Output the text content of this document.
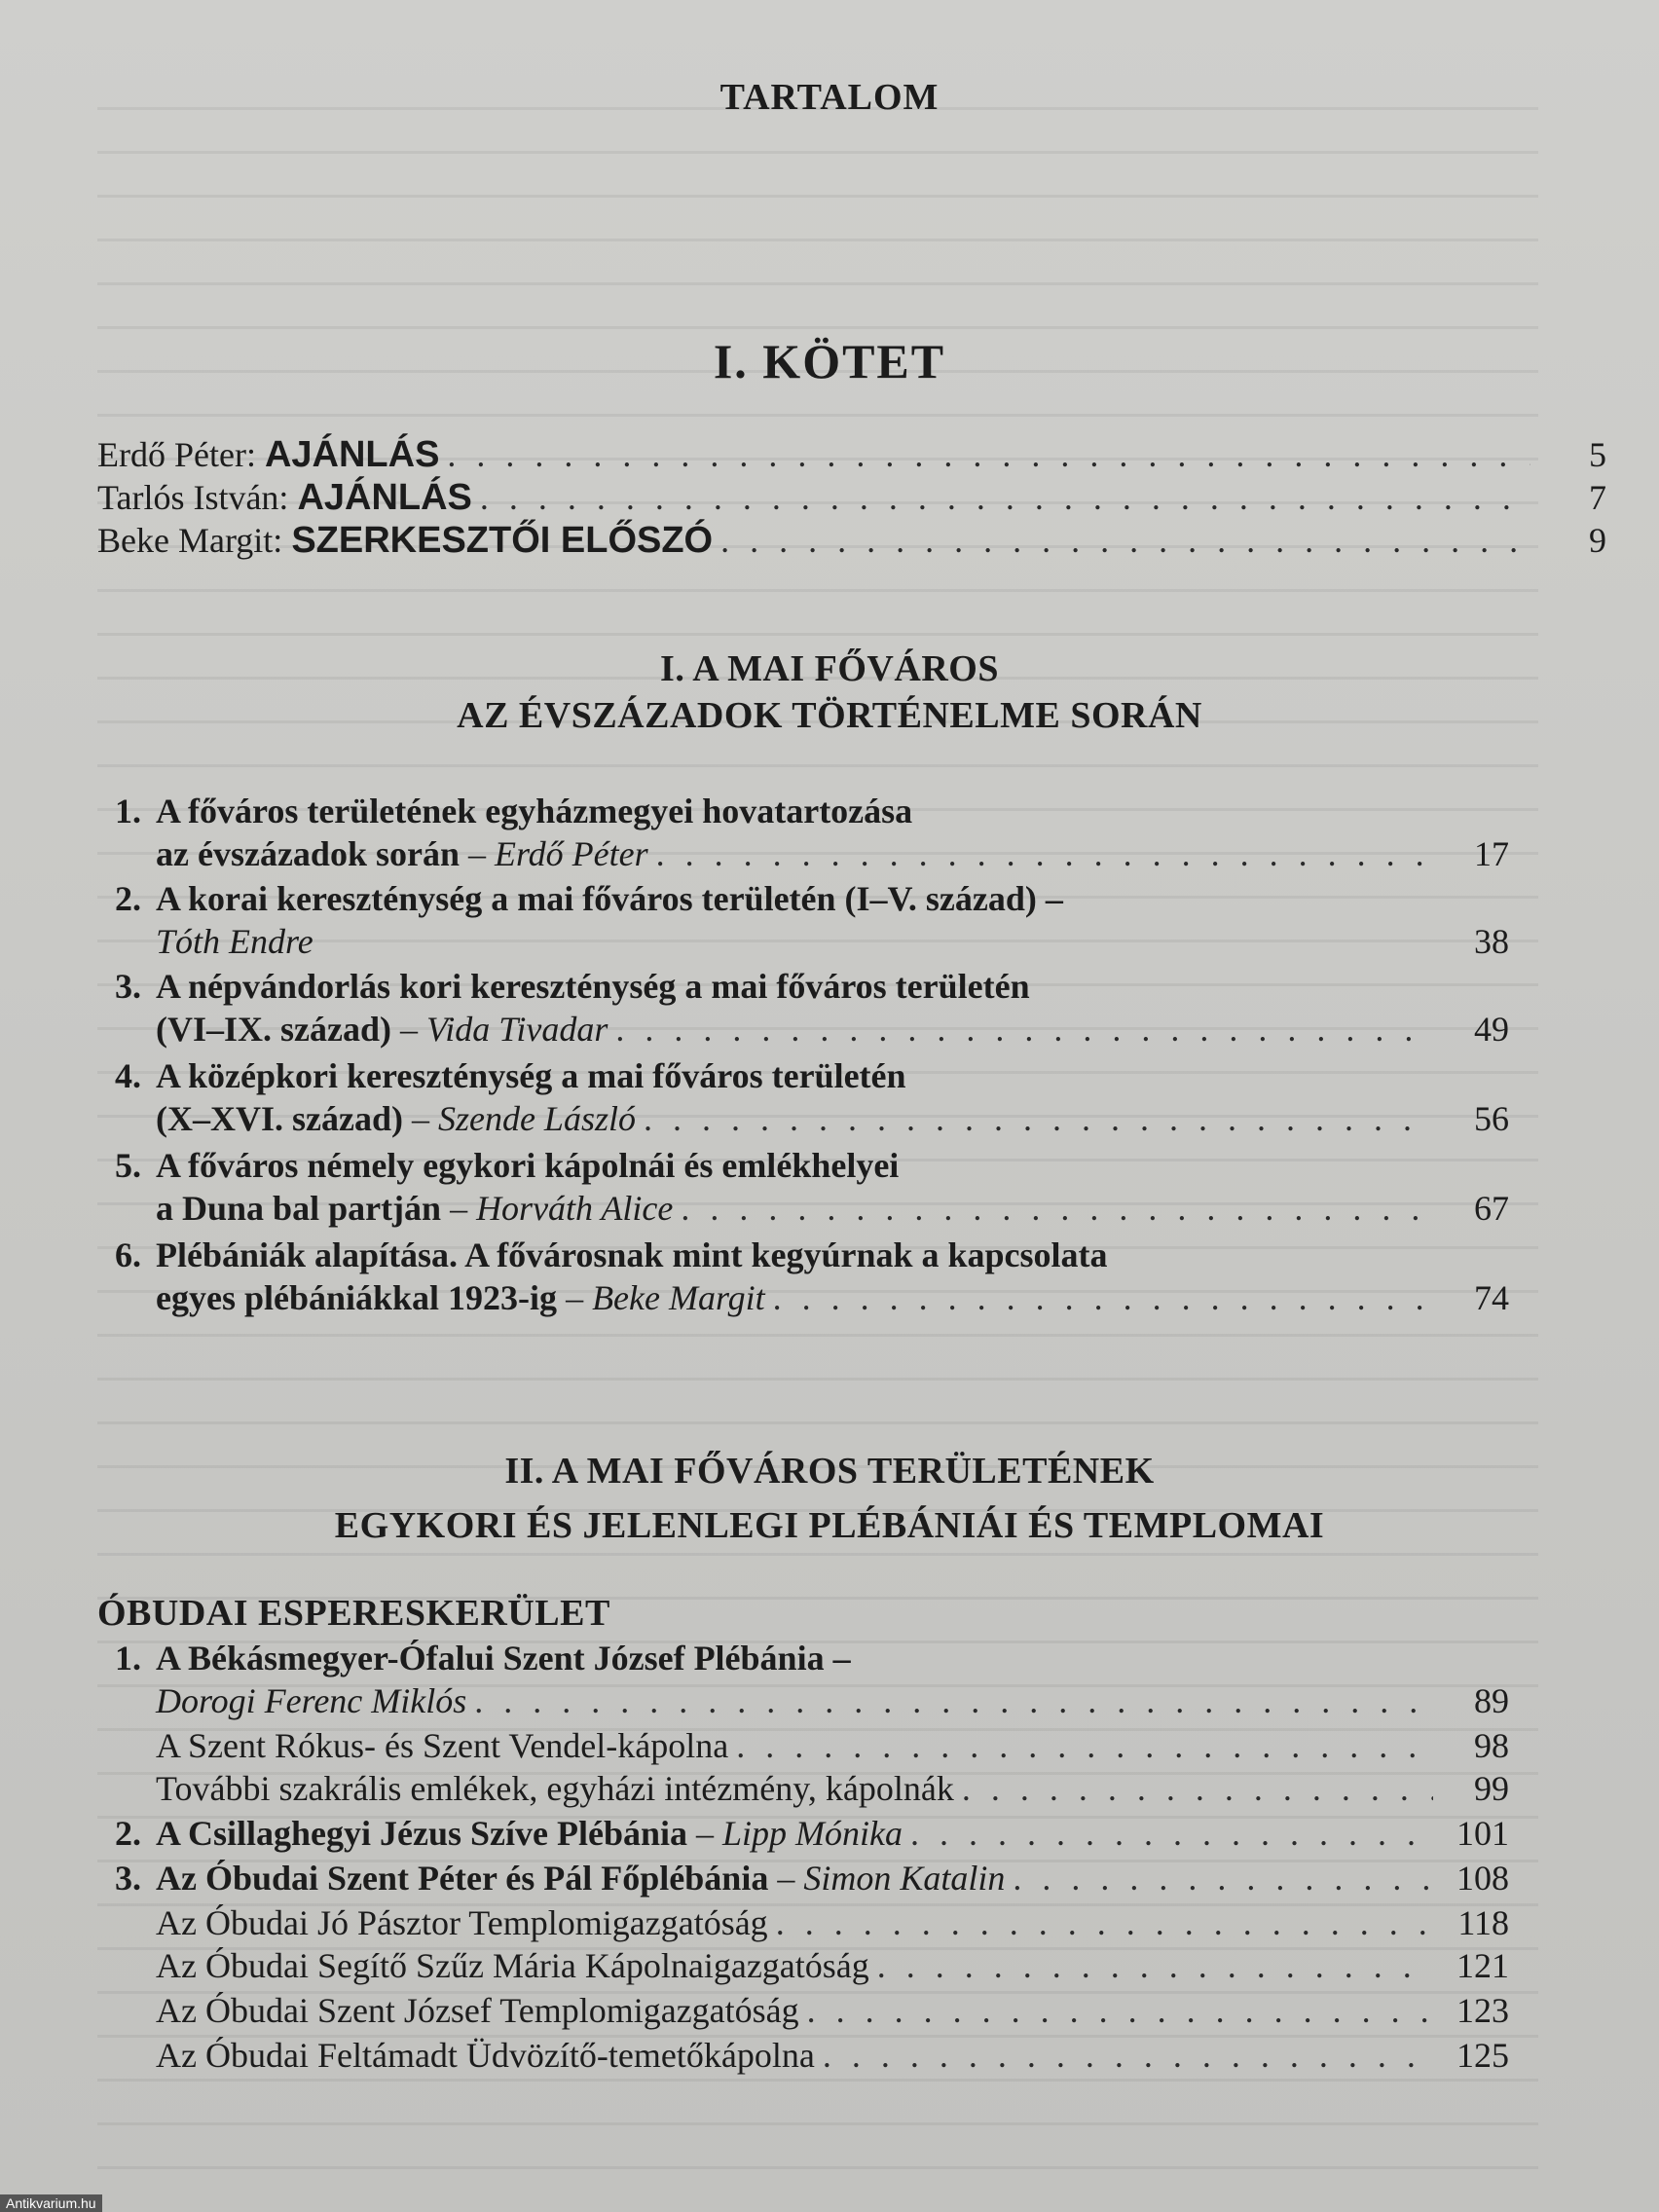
TARTALOM
I. KÖTET
Erdő Péter:
AJÁNLÁS . . .	5
Tarlós István:
AJÁNLÁS . . .	7
Beke Margit:
SZERKESZTŐI ELŐSZÓ . . .	9
I. A MAI FŐVÁROS
AZ ÉVSZÁZADOK TÖRTÉNELME SORÁN
1. A főváros területének egyházmegyei hovatartozása
az évszázadok során – Erdő Péter . . .	17
2. A korai kereszténység a mai főváros területén (I–V. század) –
Tóth Endre	38
3. A népvándorlás kori kereszténység a mai főváros területén
(VI–IX. század) – Vida Tivadar . . .	49
4. A középkori kereszténység a mai főváros területén
(X–XVI. század) – Szende László . . .	56
5. A főváros némely egykori kápolnái és emlékhelyei
a Duna bal partján – Horváth Alice . . .	67
6. Plébániák alapítása. A fővárosnak mint kegyúrnak a kapcsolata
egyes plébániákkal 1923-ig – Beke Margit . . .	74
II. A MAI FŐVÁROS TERÜLETÉNEK
EGYKORI ÉS JELENLEGI PLÉBÁNIÁI ÉS TEMPLOMAI
ÓBUDAI ESPERESKERÜLET
1. A Békásmegyer-Ófalui Szent József Plébánia –
Dorogi Ferenc Miklós . . .	89
A Szent Rókus- és Szent Vendel-kápolna . . .	98
További szakrális emlékek, egyházi intézmény, kápolnák . . .	99
2. A Csillaghegyi Jézus Szíve Plébánia – Lipp Mónika . . .	101
3. Az Óbudai Szent Péter és Pál Főplébánia – Simon Katalin . . .	108
Az Óbudai Jó Pásztor Templomigazgatóság . . .	118
Az Óbudai Segítő Szűz Mária Kápolnaigazgatóság . . .	121
Az Óbudai Szent József Templomigazgatóság . . .	123
Az Óbudai Feltámadt Üdvözítő-temetőkápolna . . .	125
Antikvarium.hu
